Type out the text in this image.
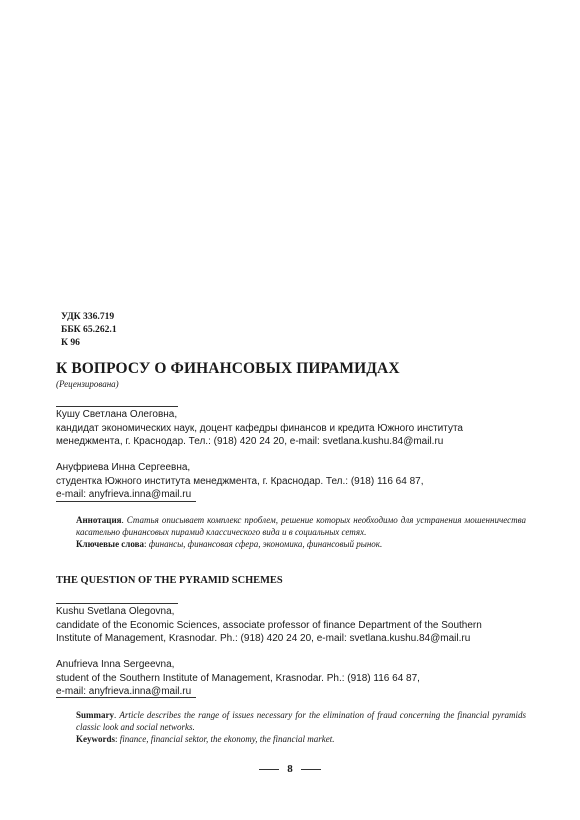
УДК 336.719
ББК 65.262.1
К 96
К ВОПРОСУ О ФИНАНСОВЫХ ПИРАМИДАХ
(Рецензирована)
Кушу Светлана Олеговна,
кандидат экономических наук, доцент кафедры финансов и кредита Южного института
менеджмента, г. Краснодар. Тел.: (918) 420 24 20, e-mail: svetlana.kushu.84@mail.ru
Ануфриева Инна Сергеевна,
студентка Южного института менеджмента, г. Краснодар. Тел.: (918) 116 64 87,
e-mail: anyfrieva.inna@mail.ru
Аннотация. Статья описывает комплекс проблем, решение которых необходимо для устранения мошенничества касательно финансовых пирамид классического вида и в социальных сетях.
Ключевые слова: финансы, финансовая сфера, экономика, финансовый рынок.
THE QUESTION OF THE PYRAMID SCHEMES
Kushu Svetlana Olegovna,
candidate of the Economic Sciences, associate professor of finance Department of the Southern
Institute of Management, Krasnodar. Ph.: (918) 420 24 20, e-mail: svetlana.kushu.84@mail.ru
Anufrieva Inna Sergeevna,
student of the Southern Institute of Management, Krasnodar. Ph.: (918) 116 64 87,
e-mail: anyfrieva.inna@mail.ru
Summary. Article describes the range of issues necessary for the elimination of fraud concerning the financial pyramids classic look and social networks.
Keywords: finance, financial sektor, the ekonomy, the financial market.
8
